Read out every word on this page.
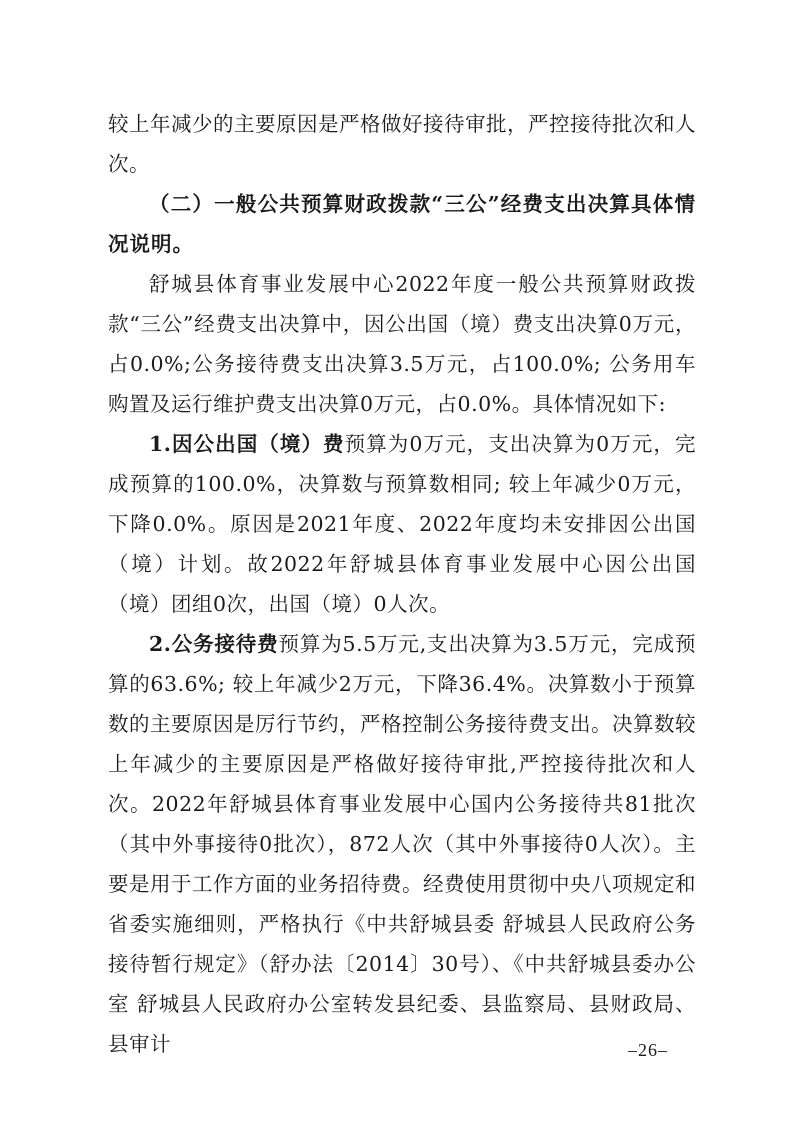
较上年减少的主要原因是严格做好接待审批，严控接待批次和人次。

（二）一般公共预算财政拨款“三公”经费支出决算具体情况说明。

舒城县体育事业发展中心2022年度一般公共预算财政拨款“三公”经费支出决算中，因公出国（境）费支出决算0万元，占0.0%;公务接待费支出决算3.5万元，占100.0%; 公务用车购置及运行维护费支出决算0万元，占0.0%。具体情况如下:

1.因公出国（境）费预算为0万元，支出决算为0万元，完成预算的100.0%，决算数与预算数相同; 较上年减少0万元，下降0.0%。原因是2021年度、2022年度均未安排因公出国（境）计划。故2022年舒城县体育事业发展中心因公出国（境）团组0次，出国（境）0人次。

2.公务接待费预算为5.5万元,支出决算为3.5万元，完成预算的63.6%; 较上年减少2万元，下降36.4%。决算数小于预算数的主要原因是厉行节约，严格控制公务接待费支出。决算数较上年减少的主要原因是严格做好接待审批,严控接待批次和人次。2022年舒城县体育事业发展中心国内公务接待共81批次（其中外事接待0批次），872人次（其中外事接待0人次）。主要是用于工作方面的业务招待费。经费使用贯彻中央八项规定和省委实施细则，严格执行《中共舒城县委 舒城县人民政府公务接待暂行规定》（舒办法〔2014〕30号）、《中共舒城县委办公室 舒城县人民政府办公室转发县纪委、县监察局、县财政局、县审计	–26–
